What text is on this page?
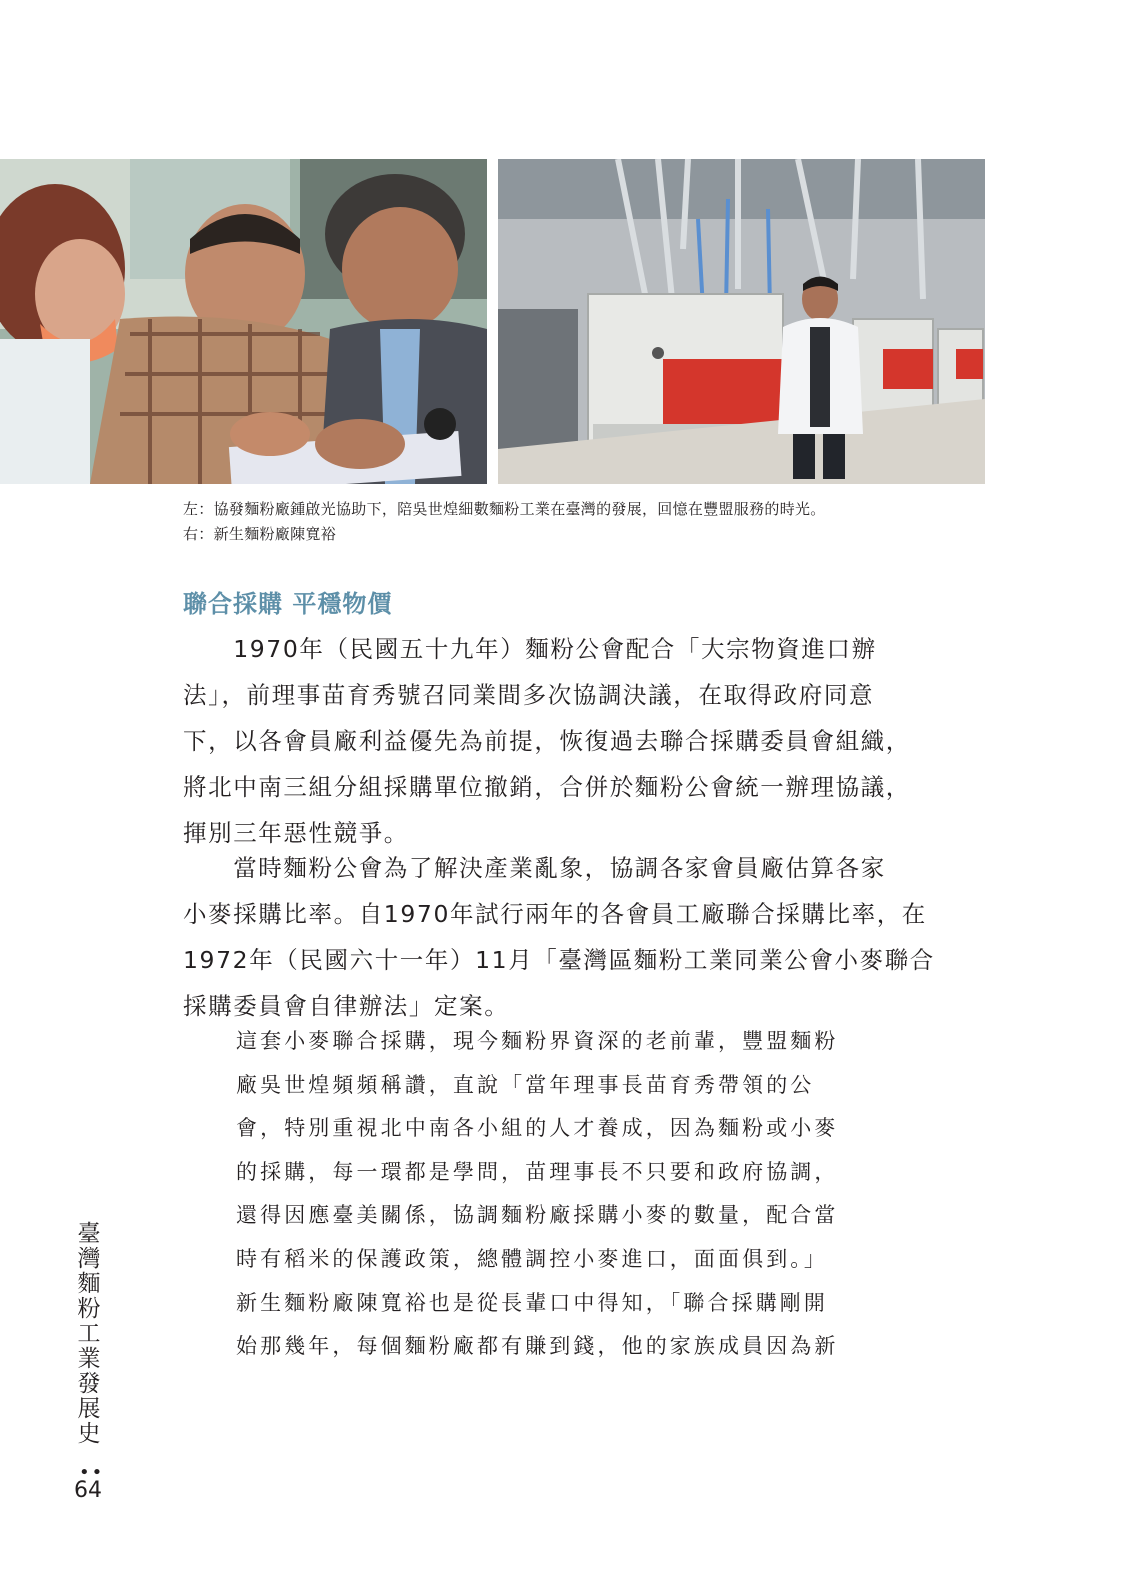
左：協發麵粉廠鍾啟光協助下，陪吳世煌細數麵粉工業在臺灣的發展，回憶在豐盟服務的時光。
右：新生麵粉廠陳寬裕
聯合採購 平穩物價
　　1970年（民國五十九年）麵粉公會配合「大宗物資進口辦
法」，前理事苗育秀號召同業間多次協調決議，在取得政府同意
下，以各會員廠利益優先為前提，恢復過去聯合採購委員會組織，
將北中南三組分組採購單位撤銷，合併於麵粉公會統一辦理協議，
揮別三年惡性競爭。
　　當時麵粉公會為了解決產業亂象，協調各家會員廠估算各家
小麥採購比率。自1970年試行兩年的各會員工廠聯合採購比率，在
1972年（民國六十一年）11月「臺灣區麵粉工業同業公會小麥聯合
採購委員會自律辦法」定案。
這套小麥聯合採購，現今麵粉界資深的老前輩，豐盟麵粉
廠吳世煌頻頻稱讚，直說「當年理事長苗育秀帶領的公
會，特別重視北中南各小組的人才養成，因為麵粉或小麥
的採購，每一環都是學問，苗理事長不只要和政府協調，
還得因應臺美關係，協調麵粉廠採購小麥的數量，配合當
時有稻米的保護政策，總體調控小麥進口，面面俱到。」
新生麵粉廠陳寬裕也是從長輩口中得知，「聯合採購剛開
始那幾年，每個麵粉廠都有賺到錢，他的家族成員因為新
臺
灣
麵
粉
工
業
發
展
史
••
64
